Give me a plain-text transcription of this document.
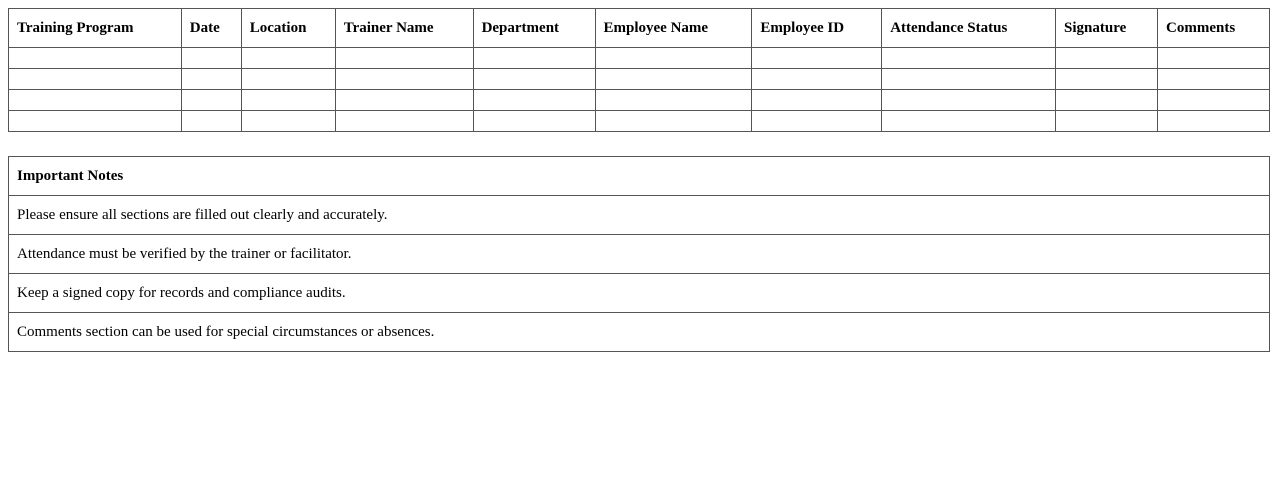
Training Program	Date	Location	Trainer Name	Department	Employee Name	Employee ID	Attendance Status	Signature	Comments

Important Notes
Please ensure all sections are filled out clearly and accurately.
Attendance must be verified by the trainer or facilitator.
Keep a signed copy for records and compliance audits.
Comments section can be used for special circumstances or absences.
